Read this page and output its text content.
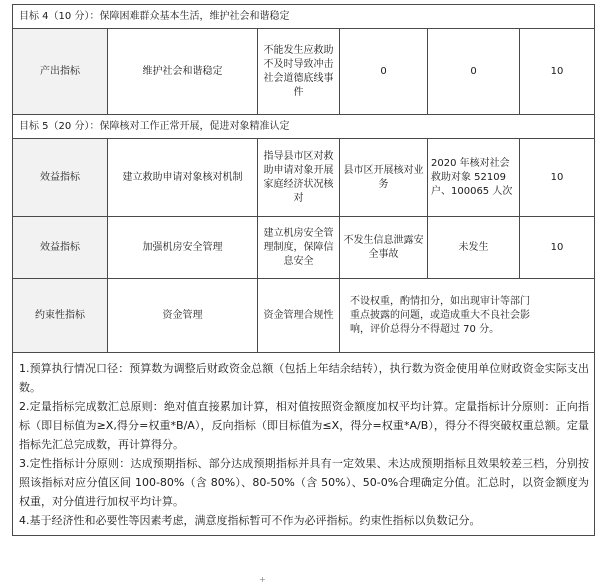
目标 4（10 分）：保障困难群众基本生活，维护社会和谐稳定					
产出指标	维护社会和谐稳定	不能发生应救助不及时导致冲击社会道德底线事件	0	0	10
目标 5（20 分）：保障核对工作正常开展，促进对象精准认定					
效益指标	建立救助申请对象核对机制	指导县市区对救助申请对象开展家庭经济状况核对	县市区开展核对业务	2020 年核对社会救助对象 52109 户、100065 人次	10
效益指标	加强机房安全管理	建立机房安全管理制度，保障信息安全	不发生信息泄露安全事故	未发生	10
约束性指标	资金管理	资金管理合规性	不设权重，酌情扣分，如出现审计等部门重点披露的问题，或造成重大不良社会影响，评价总得分不得超过 70 分。		

1.预算执行情况口径：预算数为调整后财政资金总额（包括上年结余结转），执行数为资金使用单位财政资金实际支出数。

2.定量指标完成数汇总原则：绝对值直接累加计算，相对值按照资金额度加权平均计算。定量指标计分原则：正向指标（即目标值为≥X,得分=权重*B/A），反向指标（即目标值为≤X，得分=权重*A/B），得分不得突破权重总额。定量指标先汇总完成数，再计算得分。

3.定性指标计分原则：达成预期指标、部分达成预期指标并具有一定效果、未达成预期指标且效果较差三档，分别按照该指标对应分值区间 100-80%（含 80%）、80-50%（含 50%）、50-0%合理确定分值。汇总时，以资金额度为权重，对分值进行加权平均计算。

4.基于经济性和必要性等因素考虑，满意度指标暂可不作为必评指标。约束性指标以负数记分。

+
